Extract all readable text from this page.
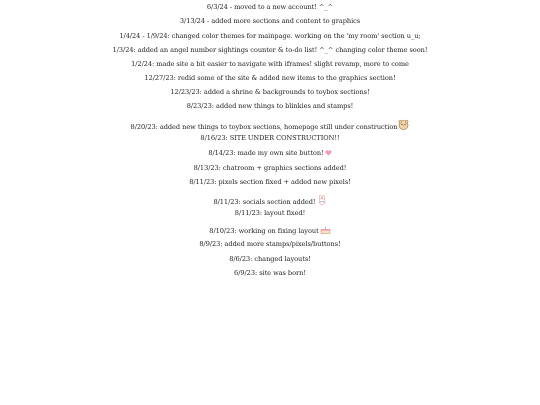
6/3/24 - moved to a new account! ^_^
3/13/24 - added more sections and content to graphics
1/4/24 - 1/9/24: changed color themes for mainpage. working on the 'my room' section u_u;
1/3/24: added an angel number sightings counter & to-do list! ^_^ changing color theme soon!
1/2/24: made site a bit easier to navigate with iframes! slight revamp, more to come
12/27/23: redid some of the site & added new items to the graphics section!
12/23/23: added a shrine & backgrounds to toybox sections!
8/23/23: added new things to blinkies and stamps!
8/20/23: added new things to toybox sections, homepage still under construction
8/16/23: SITE UNDER CONSTRUCTION!!
8/14/23: made my own site button!
8/13/23: chatroom + graphics sections added!
8/11/23: pixels section fixed + added new pixels!
8/11/23: socials section added!
8/11/23: layout fixed!
8/10/23: working on fixing layout
8/9/23: added more stamps/pixels/buttons!
8/6/23: changed layouts!
6/9/23: site was born!
